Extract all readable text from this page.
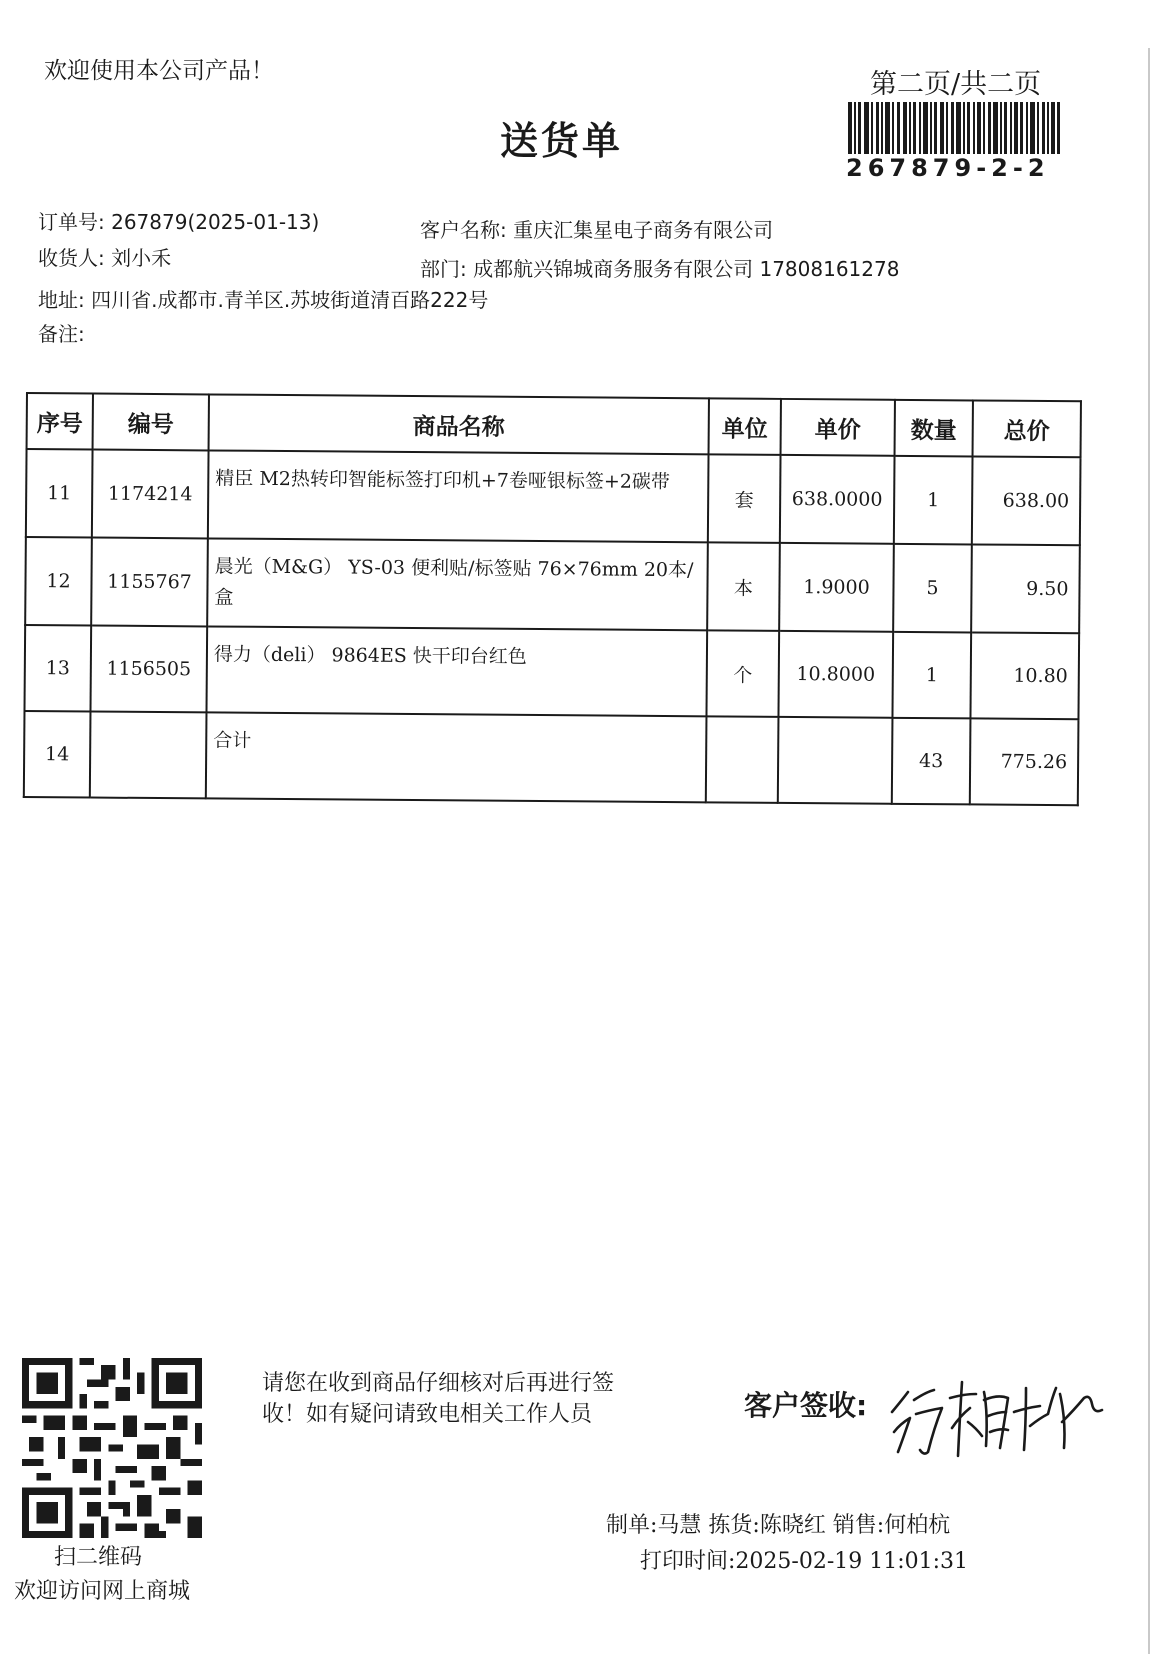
欢迎使用本公司产品！	第二页/共二页
送货单
267879-2-2
订单号: 267879(2025-01-13)	客户名称: 重庆汇集星电子商务有限公司
收货人: 刘小禾	部门: 成都航兴锦城商务服务有限公司 17808161278
地址: 四川省.成都市.青羊区.苏坡街道清百路222号
备注:
序号	编号	商品名称	单位	单价	数量	总价
11	1174214	精臣 M2热转印智能标签打印机+7卷哑银标签+2碳带	套	638.0000	1	638.00
12	1155767	晨光（M&G） YS-03 便利贴/标签贴 76×76mm 20本/盒	本	1.9000	5	9.50
13	1156505	得力（deli） 9864ES 快干印台红色	个	10.8000	1	10.80
14		合计			43	775.26
扫二维码
欢迎访问网上商城
请您在收到商品仔细核对后再进行签
收！如有疑问请致电相关工作人员	客户签收:
制单:马慧 拣货:陈晓红 销售:何柏杭
打印时间:2025-02-19 11:01:31
